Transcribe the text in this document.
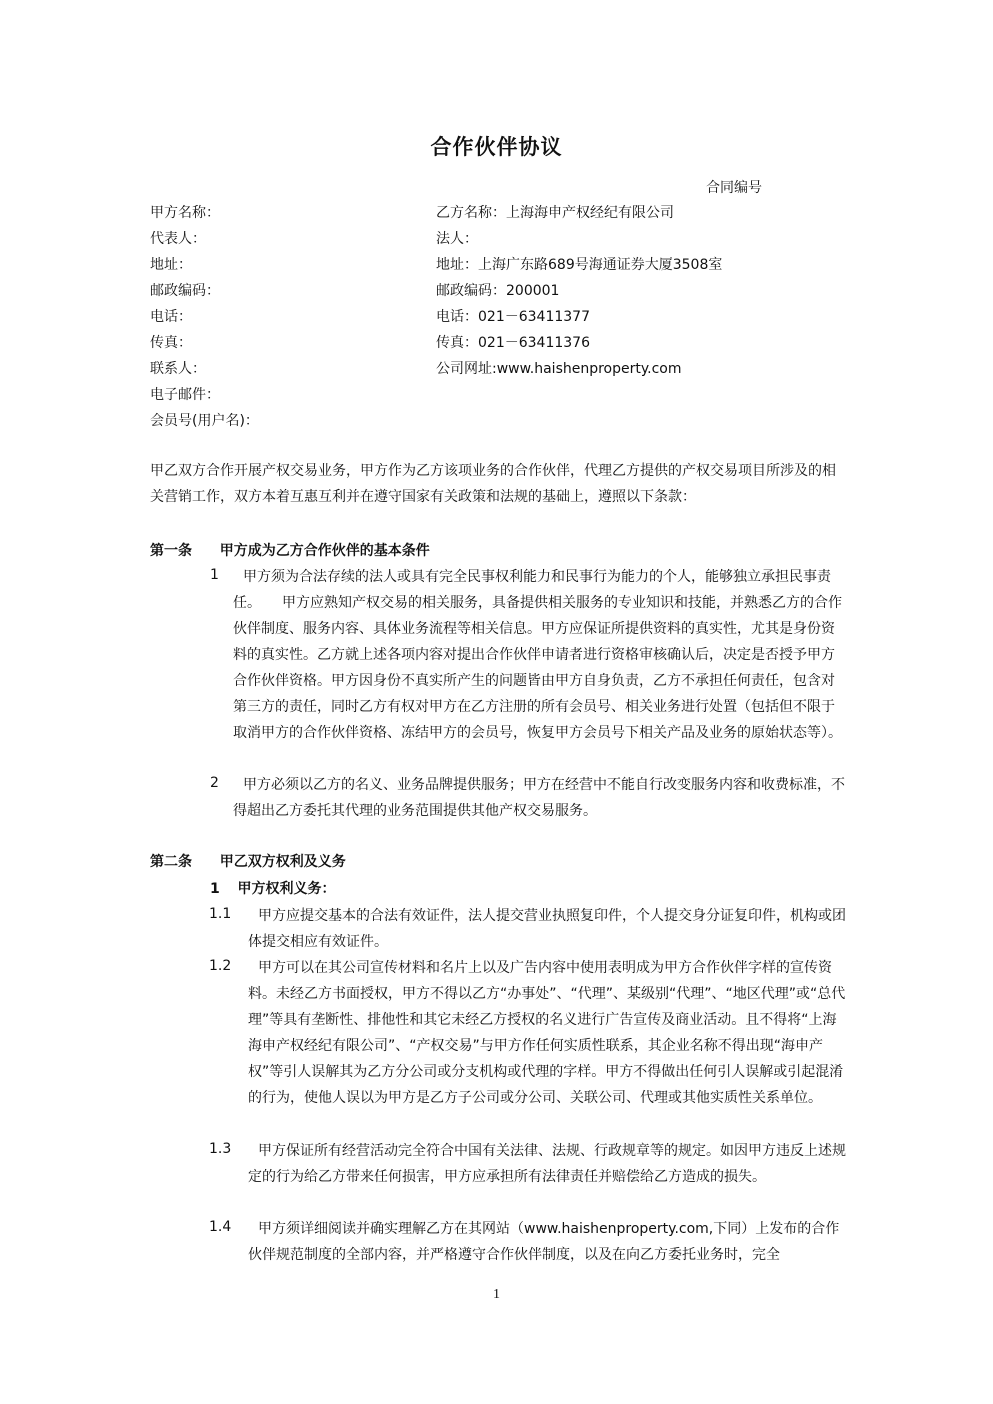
合作伙伴协议
合同编号
甲方名称：	乙方名称：上海海申产权经纪有限公司
代表人：	法人：
地址：	地址：上海广东路689号海通证券大厦3508室
邮政编码：	邮政编码：200001
电话：	电话：021－63411377
传真：	传真：021－63411376
联系人：	公司网址:www.haishenproperty.com
电子邮件：
会员号(用户名)：
甲乙双方合作开展产权交易业务，甲方作为乙方该项业务的合作伙伴，代理乙方提供的产权交易项目所涉及的相关营销工作，双方本着互惠互利并在遵守国家有关政策和法规的基础上，遵照以下条款：
第一条 甲方成为乙方合作伙伴的基本条件
1	甲方须为合法存续的法人或具有完全民事权利能力和民事行为能力的个人，能够独立承担民事责任。　　甲方应熟知产权交易的相关服务，具备提供相关服务的专业知识和技能，并熟悉乙方的合作伙伴制度、服务内容、具体业务流程等相关信息。甲方应保证所提供资料的真实性，尤其是身份资料的真实性。乙方就上述各项内容对提出合作伙伴申请者进行资格审核确认后，决定是否授予甲方合作伙伴资格。甲方因身份不真实所产生的问题皆由甲方自身负责，乙方不承担任何责任，包含对第三方的责任，同时乙方有权对甲方在乙方注册的所有会员号、相关业务进行处置（包括但不限于取消甲方的合作伙伴资格、冻结甲方的会员号，恢复甲方会员号下相关产品及业务的原始状态等）。
2	甲方必须以乙方的名义、业务品牌提供服务；甲方在经营中不能自行改变服务内容和收费标准，不得超出乙方委托其代理的业务范围提供其他产权交易服务。
第二条 甲乙双方权利及义务
1 甲方权利义务：
1.1	甲方应提交基本的合法有效证件，法人提交营业执照复印件，个人提交身分证复印件，机构或团体提交相应有效证件。
1.2	甲方可以在其公司宣传材料和名片上以及广告内容中使用表明成为甲方合作伙伴字样的宣传资料。未经乙方书面授权，甲方不得以乙方“办事处”、“代理”、某级别“代理”、“地区代理”或“总代理”等具有垄断性、排他性和其它未经乙方授权的名义进行广告宣传及商业活动。且不得将“上海海申产权经纪有限公司”、“产权交易”与甲方作任何实质性联系，其企业名称不得出现“海申产权”等引人误解其为乙方分公司或分支机构或代理的字样。甲方不得做出任何引人误解或引起混淆的行为，使他人误以为甲方是乙方子公司或分公司、关联公司、代理或其他实质性关系单位。
1.3	甲方保证所有经营活动完全符合中国有关法律、法规、行政规章等的规定。如因甲方违反上述规定的行为给乙方带来任何损害，甲方应承担所有法律责任并赔偿给乙方造成的损失。
1.4	甲方须详细阅读并确实理解乙方在其网站（www.haishenproperty.com,下同）上发布的合作伙伴规范制度的全部内容，并严格遵守合作伙伴制度，以及在向乙方委托业务时，完全
1
